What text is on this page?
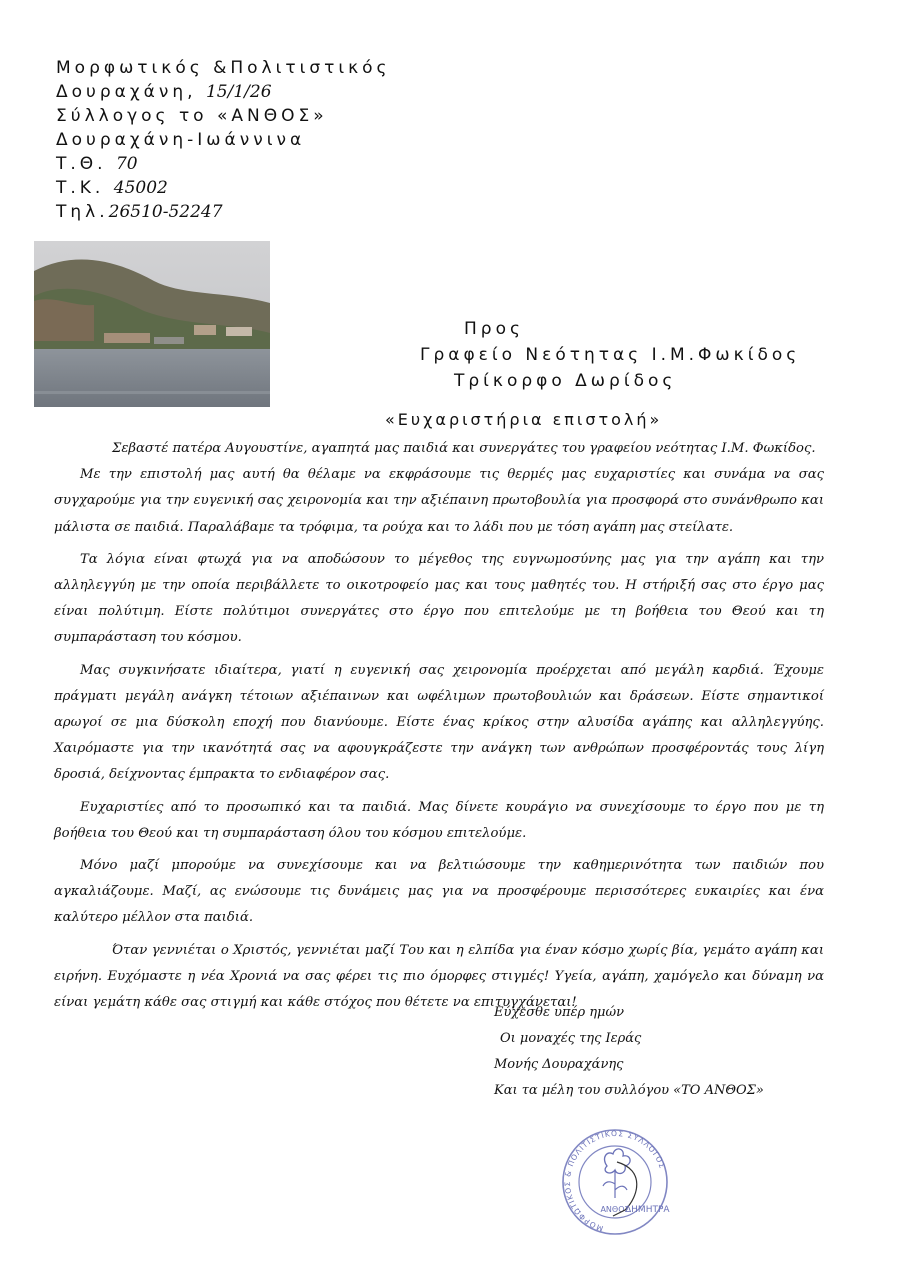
Μορφωτικός &Πολιτιστικός
Δουραχάνη, 15/1/26
Σύλλογος το «ΑΝΘΟΣ»
Δουραχάνη-Ιωάννινα
Τ.Θ. 70
Τ.Κ. 45002
Τηλ.26510-52247
Προς
Γραφείο Νεότητας Ι.Μ.Φωκίδος
Τρίκορφο Δωρίδος
«Ευχαριστήρια επιστολή»

Σεβαστέ πατέρα Αυγουστίνε, αγαπητά μας παιδιά και συνεργάτες του γραφείου νεότητας Ι.Μ. Φωκίδος.

Με την επιστολή μας αυτή θα θέλαμε να εκφράσουμε τις θερμές μας ευχαριστίες και συνάμα να σας συγχαρούμε για την ευγενική σας χειρονομία και την αξιέπαινη πρωτοβουλία για προσφορά στο συνάνθρωπο και μάλιστα σε παιδιά. Παραλάβαμε τα τρόφιμα, τα ρούχα και το λάδι που με τόση αγάπη μας στείλατε.

Τα λόγια είναι φτωχά για να αποδώσουν το μέγεθος της ευγνωμοσύνης μας για την αγάπη και την αλληλεγγύη με την οποία περιβάλλετε το οικοτροφείο μας και τους μαθητές του. Η στήριξή σας στο έργο μας είναι πολύτιμη. Είστε πολύτιμοι συνεργάτες στο έργο που επιτελούμε με τη βοήθεια του Θεού και τη συμπαράσταση του κόσμου.

Μας συγκινήσατε ιδιαίτερα, γιατί η ευγενική σας χειρονομία προέρχεται από μεγάλη καρδιά. Έχουμε πράγματι μεγάλη ανάγκη τέτοιων αξιέπαινων και ωφέλιμων πρωτοβουλιών και δράσεων. Είστε σημαντικοί αρωγοί σε μια δύσκολη εποχή που διανύουμε. Είστε ένας κρίκος στην αλυσίδα αγάπης και αλληλεγγύης. Χαιρόμαστε για την ικανότητά σας να αφουγκράζεστε την ανάγκη των ανθρώπων προσφέροντάς τους λίγη δροσιά, δείχνοντας έμπρακτα το ενδιαφέρον σας.

Ευχαριστίες από το προσωπικό και τα παιδιά. Μας δίνετε κουράγιο να συνεχίσουμε το έργο που με τη βοήθεια του Θεού και τη συμπαράσταση όλου του κόσμου επιτελούμε.

Μόνο μαζί μπορούμε να συνεχίσουμε και να βελτιώσουμε την καθημερινότητα των παιδιών που αγκαλιάζουμε. Μαζί, ας ενώσουμε τις δυνάμεις μας για να προσφέρουμε περισσότερες ευκαιρίες και ένα καλύτερο μέλλον στα παιδιά.

Όταν γεννιέται ο Χριστός, γεννιέται μαζί Του και η ελπίδα για έναν κόσμο χωρίς βία, γεμάτο αγάπη και ειρήνη. Ευχόμαστε η νέα Χρονιά να σας φέρει τις πιο όμορφες στιγμές! Υγεία, αγάπη, χαμόγελο και δύναμη να είναι γεμάτη κάθε σας στιγμή και κάθε στόχος που θέτετε να επιτυγχάνεται!

Εύχεσθε υπέρ ημών
Οι μοναχές της Ιεράς
Μονής Δουραχάνης
Και τα μέλη του συλλόγου «ΤΟ ΑΝΘΟΣ»
ΜΟΡΦΩΤΙΚΟΣ & ΠΟΛΙΤΙΣΤΙΚΟΣ ΣΥΛΛΟΓΟΣ
ΑΝΘΟΣ
ΔΗΜΗΤΡΑ
